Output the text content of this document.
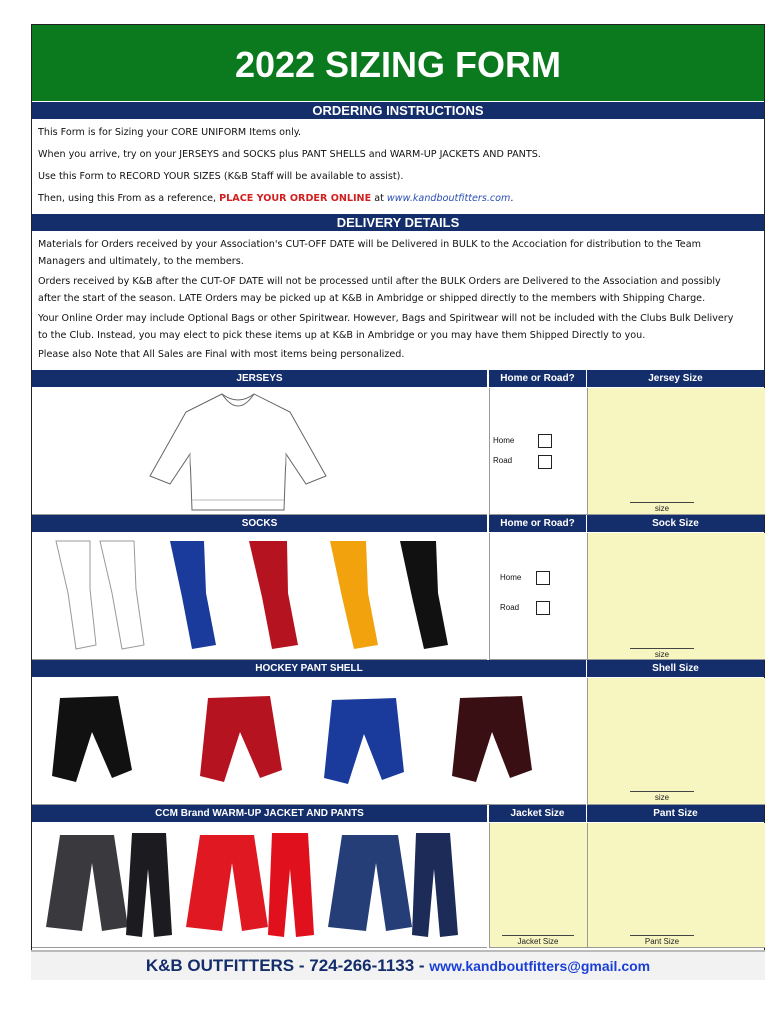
2022 SIZING FORM
ORDERING INSTRUCTIONS
This Form is for Sizing your CORE UNIFORM Items only.
When you arrive, try on your JERSEYS and SOCKS plus PANT SHELLS and WARM-UP JACKETS AND PANTS.
Use this Form to RECORD YOUR SIZES (K&B Staff will be available to assist).
Then, using this From as a reference, PLACE YOUR ORDER ONLINE at www.kandboutfitters.com.
DELIVERY DETAILS
Materials for Orders received by your Association's CUT-OFF DATE will be Delivered in BULK to the Accociation for distribution to the Team Managers and ultimately, to the members.
Orders received by K&B after the CUT-OF DATE will not be processed until after the BULK Orders are Delivered to the Association and possibly after the start of the season. LATE Orders may be picked up at K&B in Ambridge or shipped directly to the members with Shipping Charge.
Your Online Order may include Optional Bags or other Spiritwear. However, Bags and Spiritwear will not be included with the Clubs Bulk Delivery to the Club. Instead, you may elect to pick these items up at K&B in Ambridge or you may have them Shipped Directly to you.
Please also Note that All Sales are Final with most items being personalized.
JERSEYS	Home or Road?	Jersey Size
Home
Road
size
SOCKS	Home or Road?	Sock Size
Home
Road
size
HOCKEY PANT SHELL	Shell Size
size
CCM Brand WARM-UP JACKET AND PANTS	Jacket Size	Pant Size
Jacket Size	Pant Size
K&B OUTFITTERS - 724-266-1133 - www.kandboutfitters@gmail.com
